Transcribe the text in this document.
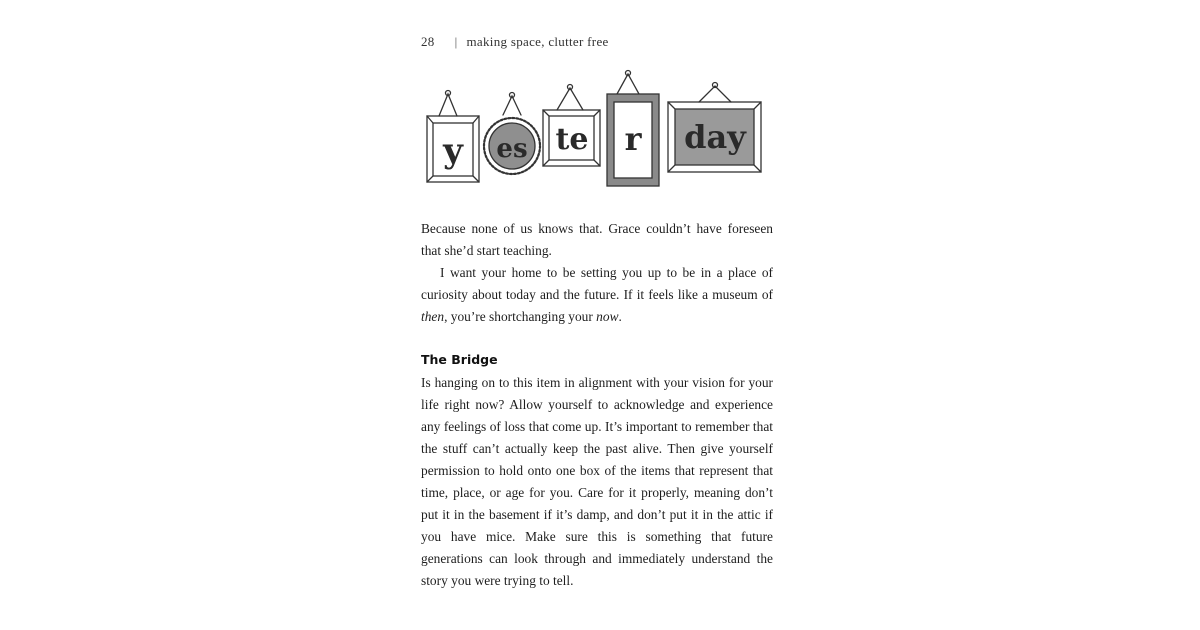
28 | making space, clutter free
y es te r day

Because none of us knows that. Grace couldn’t have foreseen that she’d start teaching.

I want your home to be setting you up to be in a place of curiosity about today and the future. If it feels like a museum of then, you’re shortchanging your now.

The Bridge

Is hanging on to this item in alignment with your vision for your life right now? Allow yourself to acknowledge and experience any feelings of loss that come up. It’s important to remember that the stuff can’t actually keep the past alive. Then give yourself permission to hold onto one box of the items that represent that time, place, or age for you. Care for it properly, meaning don’t put it in the basement if it’s damp, and don’t put it in the attic if you have mice. Make sure this is something that future generations can look through and immediately understand the story you were trying to tell.
